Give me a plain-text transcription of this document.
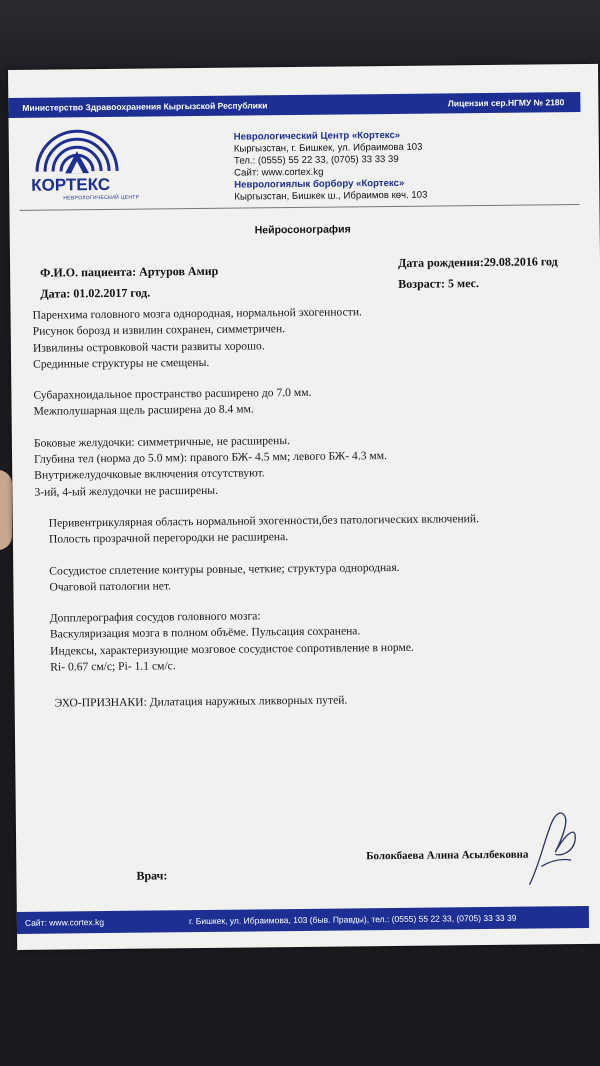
Министерство Здравоохранения Кыргызской Республики	Лицензия сер.НГМУ № 2180
КОРТЕКС
НЕВРОЛОГИЧЕСКИЙ ЦЕНТР
Неврологический Центр «Кортекс»
Кыргызстан, г. Бишкек, ул. Ибраимова 103
Тел.: (0555) 55 22 33, (0705) 33 33 39
Сайт: www.cortex.kg
Неврологиялык борбору «Кортекс»
Кыргызстан, Бишкек ш., Ибраимов көч. 103
Нейросонография
Ф.И.О. пациента: Артуров Амир
Дата рождения:29.08.2016 год
Дата: 01.02.2017 год.
Возраст: 5 мес.

Паренхима головного мозга однородная, нормальной эхогенности.

Рисунок борозд и извилин сохранен, симметричен.

Извилины островковой части развиты хорошо.

Срединные структуры не смещены.

Субарахноидальное пространство расширено до 7.0 мм.

Межполушарная щель расширена до 8.4 мм.

Боковые желудочки: симметричные, не расширены.

Глубина тел (норма до 5.0 мм): правого БЖ- 4.5 мм; левого БЖ- 4.3 мм.

Внутрижелудочковые включения отсутствуют.

3-ий, 4-ый желудочки не расширены.

Перивентрикулярная область нормальной эхогенности,без патологических включений.

Полость прозрачной перегородки не расширена.

Сосудистое сплетение контуры ровные, четкие; структура однородная.

Очаговой патологии нет.

Допплерография сосудов головного мозга:

Васкуляризация мозга в полном объёме. Пульсация сохранена.

Индексы, характеризующие мозговое сосудистое сопротивление в норме.

Ri- 0.67 см/с; Pi- 1.1 см/с.

ЭХО-ПРИЗНАКИ: Дилатация наружных ликворных путей.

Врач:
Болокбаева Алина Асылбековна
Сайт: www.cortex.kg	г. Бишкек, ул. Ибраимова, 103 (быв. Правды), тел.: (0555) 55 22 33, (0705) 33 33 39
